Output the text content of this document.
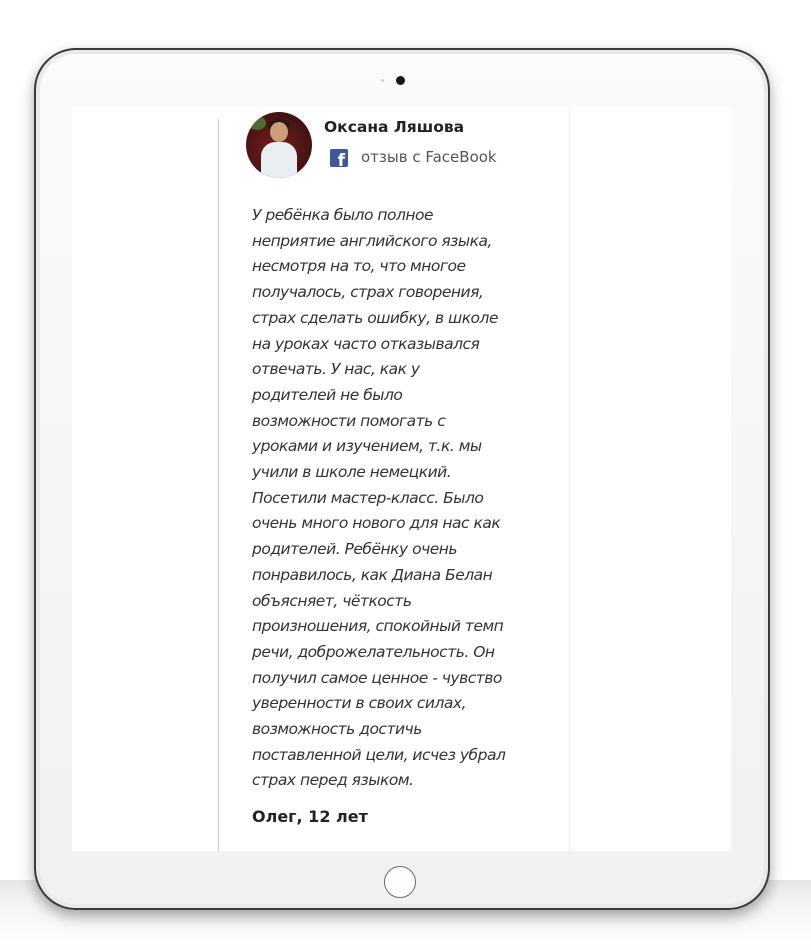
Оксана Ляшова
f отзыв с FaceBook

У ребёнка было полное
неприятие английского языка,
несмотря на то, что многое
получалось, страх говорения,
страх сделать ошибку, в школе
на уроках часто отказывался
отвечать. У нас, как у
родителей не было
возможности помогать с
уроками и изучением, т.к. мы
учили в школе немецкий.
Посетили мастер-класс. Было
очень много нового для нас как
родителей. Ребёнку очень
понравилось, как Диана Белан
объясняет, чёткость
произношения, спокойный темп
речи, доброжелательность. Он
получил самое ценное - чувство
уверенности в своих силах,
возможность достичь
поставленной цели, исчез убрал
страх перед языком.

Олег, 12 лет
